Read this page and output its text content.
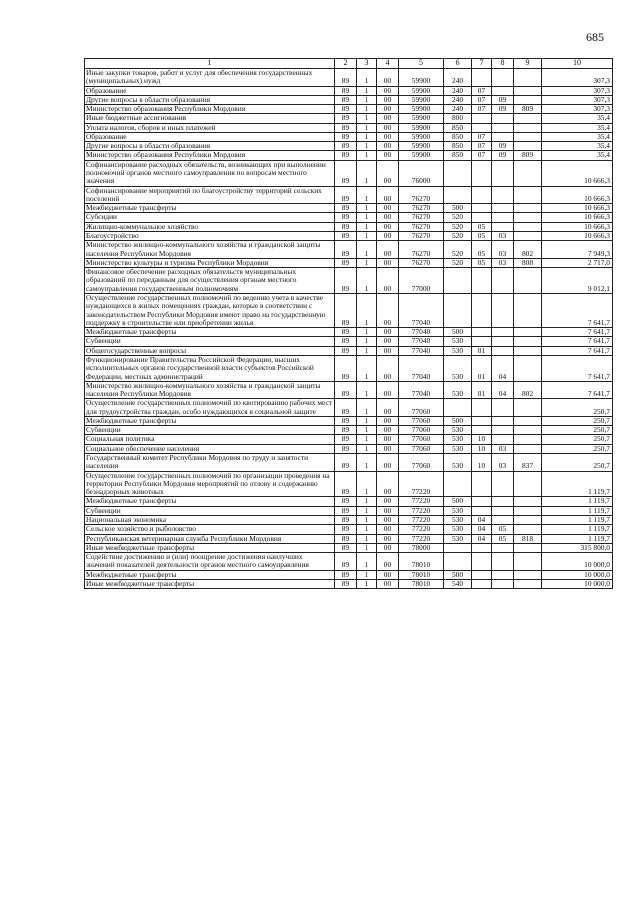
685
1	2	3	4	5	6	7	8	9	10
Иные закупки товаров, работ и услуг для обеспечения государственных (муниципальных) нужд	89	1	00	59900	240				307,3
Образование	89	1	00	59900	240	07			307,3
Другие вопросы в области образования	89	1	00	59900	240	07	09		307,3
Министерство образования Республики Мордовия	89	1	00	59900	240	07	09	809	307,3
Иные бюджетные ассигнования	89	1	00	59900	800				35,4
Уплата налогов, сборов и иных платежей	89	1	00	59900	850				35,4
Образование	89	1	00	59900	850	07			35,4
Другие вопросы в области образования	89	1	00	59900	850	07	09		35,4
Министерство образования Республики Мордовия	89	1	00	59900	850	07	09	809	35,4
Софинансирование расходных обязательств, возникающих при выполнении полномочий органов местного самоуправления по вопросам местного значения	89	1	00	76000					10 666,3
Софинансирование мероприятий по благоустройству территорий сельских поселений	89	1	00	76270					10 666,3
Межбюджетные трансферты	89	1	00	76270	500				10 666,3
Субсидии	89	1	00	76270	520				10 666,3
Жилищно-коммунальное хозяйство	89	1	00	76270	520	05			10 666,3
Благоустройство	89	1	00	76270	520	05	03		10 666,3
Министерство жилищно-коммунального хозяйства и гражданской защиты населения Республики Мордовия	89	1	00	76270	520	05	03	802	7 949,3
Министерство культуры и туризма Республики Мордовия	89	1	00	76270	520	05	03	808	2 717,0
Финансовое обеспечение расходных обязательств муниципальных образований по переданным для осуществления органам местного самоуправления государственным полномочиям	89	1	00	77000					9 012,1
Осуществление государственных полномочий по ведению учета в качестве нуждающихся в жилых помещениях граждан, которые в соответствии с законодательством Республики Мордовия имеют право на государственную поддержку в строительстве или приобретении жилья	89	1	00	77040					7 641,7
Межбюджетные трансферты	89	1	00	77040	500				7 641,7
Субвенции	89	1	00	77040	530				7 641,7
Общегосударственные вопросы	89	1	00	77040	530	01			7 641,7
Функционирование Правительства Российской Федерации, высших исполнительных органов государственной власти субъектов Российской Федерации, местных администраций	89	1	00	77040	530	01	04		7 641,7
Министерство жилищно-коммунального хозяйства и гражданской защиты населения Республики Мордовия	89	1	00	77040	530	01	04	802	7 641,7
Осуществление государственных полномочий по квотированию рабочих мест для трудоустройства граждан, особо нуждающихся в социальной защите	89	1	00	77060					250,7
Межбюджетные трансферты	89	1	00	77060	500				250,7
Субвенции	89	1	00	77060	530				250,7
Социальная политика	89	1	00	77060	530	10			250,7
Социальное обеспечение населения	89	1	00	77060	530	10	03		250,7
Государственный комитет Республики Мордовия по труду и занятости населения	89	1	00	77060	530	10	03	837	250,7
Осуществление государственных полномочий по организации проведения на территории Республики Мордовия мероприятий по отлову и содержанию безнадзорных животных	89	1	00	77220					1 119,7
Межбюджетные трансферты	89	1	00	77220	500				1 119,7
Субвенции	89	1	00	77220	530				1 119,7
Национальная экономика	89	1	00	77220	530	04			1 119,7
Сельское хозяйство и рыболовство	89	1	00	77220	530	04	05		1 119,7
Республиканская ветеринарная служба Республики Мордовия	89	1	00	77220	530	04	05	818	1 119,7
Иные межбюджетные трансферты	89	1	00	78000					315 800,0
Содействие достижению и (или) поощрение достижения наилучших значений показателей деятельности органов местного самоуправления	89	1	00	78010					10 000,0
Межбюджетные трансферты	89	1	00	78010	500				10 000,0
Иные межбюджетные трансферты	89	1	00	78010	540				10 000,0
